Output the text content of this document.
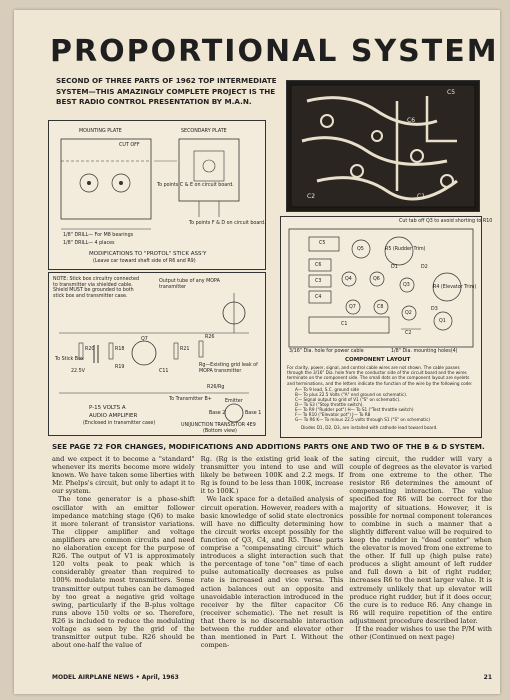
PROPORTIONAL SYSTEM
SECOND OF THREE PARTS OF 1962 TOP INTERMEDIATE SYSTEM—THIS AMAZINGLY COMPLETE PROJECT IS THE BEST RADIO CONTROL PRESENTATION BY M.A.N.
MOUNTING PLATE	SECONDARY PLATE
CUT OFF
1/8" DRILL— For M8 bearings
1/8" DRILL— 4 places
To points C & E on circuit board.
To points F & D on circuit board.
MODIFICATIONS TO "PROTOL" STICK ASS'Y
(Leave car toward shaft side of R6 and R9)
NOTE: Stick box circuitry connected to transmitter via shielded cable. Shield MUST be grounded to both stick box and transmitter case.
Output tube of any MOPA transmitter
Rg—Existing grid leak of MOPA transmitter
To Stick Box
22.5V
R20	R18
R19
R21
R26
C11
Q7
R26/Rg
To Transmitter B+	Emitter
Base 1
Base 2
P-15 VOLTS A
AUDIO AMPLIFIER
(Enclosed in transmitter case)	UNIJUNCTION TRANSISTOR 4E9
(Bottom view)
C5
C6
C1
C2
Cut tab off Q3 to avoid shorting to R10
C5
Q5	R5 (Rudder Trim)
C6
C3
C4
Q4
Q3	R4 (Elevator Trim)
Q7
Q6
Q2
C8
C1
Q1
C2
D1	D2
D3
3/16" Dia. hole for power cable	1/8" Dia. mounting holes(4)
COMPONENT LAYOUT
For clarity, power, signal, and control cable wires are not shown. The cable passes through the 3/16" Dia. hole from the conductor side of the circuit board and the wires terminate on the component side. The small dots on the component layout are eyelets and terminations, and the letters indicate the function of the wire by the following code:
A— To 9 lead, S.C. ground side
B— To plus 22.5 Volts ("A" end ground on schematic).
C— Signal output to grid of V1 ("S" on schematic).
D— To S3 ("Stop throttle switch).
E— To R9 ("Rudder pot") H— To S1 ("Test throttle switch)
F— To R10 ("Elevator pot") J— To R8
G— To R6 K— To minus 22.5 volts through S1 ("S" on schematic)
Diodes D1, D2, D3, are installed with cathode lead toward board.
SEE PAGE 72 FOR CHANGES, MODIFICATIONS AND ADDITIONS PARTS ONE AND TWO OF THE B & D SYSTEM.

and we expect it to become a "standard" whenever its merits become more widely known. We have taken some liberties with Mr. Phelps's circuit, but only to adapt it to our system.

The tone generator is a phase-shift oscillator with an emitter follower impedance matching stage (Q6) to make it more tolerant of transistor variations. The clipper amplifier and voltage amplifiers are common circuits and need no elaboration except for the purpose of R26. The output of V1 is approximately 120 volts peak to peak which is considerably greater than required to 100% modulate most transmitters. Some transmitter output tubes can be damaged by too great a negative grid voltage swing, particularly if the B-plus voltage runs above 150 volts or so. Therefore, R26 is included to reduce the modulating voltage as seen by the grid of the transmitter output tube. R26 should be about one-half the value of

Rg. (Rg is the existing grid leak of the transmitter you intend to use and will likely be between 100K and 2.2 megs. If Rg is found to be less than 100K, increase it to 100K.)

We lack space for a detailed analysis of circuit operation. However, readers with a basic knowledge of solid state electronics will have no difficulty determining how the circuit works except possibly for the function of Q3, C4, and R5. These parts comprise a "compensating circuit" which introduces a slight interaction such that the percentage of tone "on" time of each pulse automatically decreases as pulse rate is increased and vice versa. This action balances out an opposite and unavoidable interaction introduced in the receiver by the filter capacitor C6 (receiver schematic). The net result is that there is no discernable interaction between the rudder and elevator other than mentioned in Part I. Without the compen-

sating circuit, the rudder will vary a couple of degrees as the elevator is varied from one extreme to the other. The resistor R6 determines the amount of compensating interaction. The value specified for R6 will be correct for the majority of situations. However, it is possible for normal component tolerances to combine in such a manner that a slightly different value will be required to keep the rudder in "dead center" when the elevator is moved from one extreme to the other. If full up (high pulse rate) produces a slight amount of left rudder and full down a bit of right rudder, increases R6 to the next larger value. It is extremely unlikely that up elevator will produce right rudder, but if it does occur, the cure is to reduce R6. Any change in R6 will require repetition of the entire adjustment procedure described later.

If the reader wishes to use the P/M with other (Continued on next page)

MODEL AIRPLANE NEWS • April, 1963	21
